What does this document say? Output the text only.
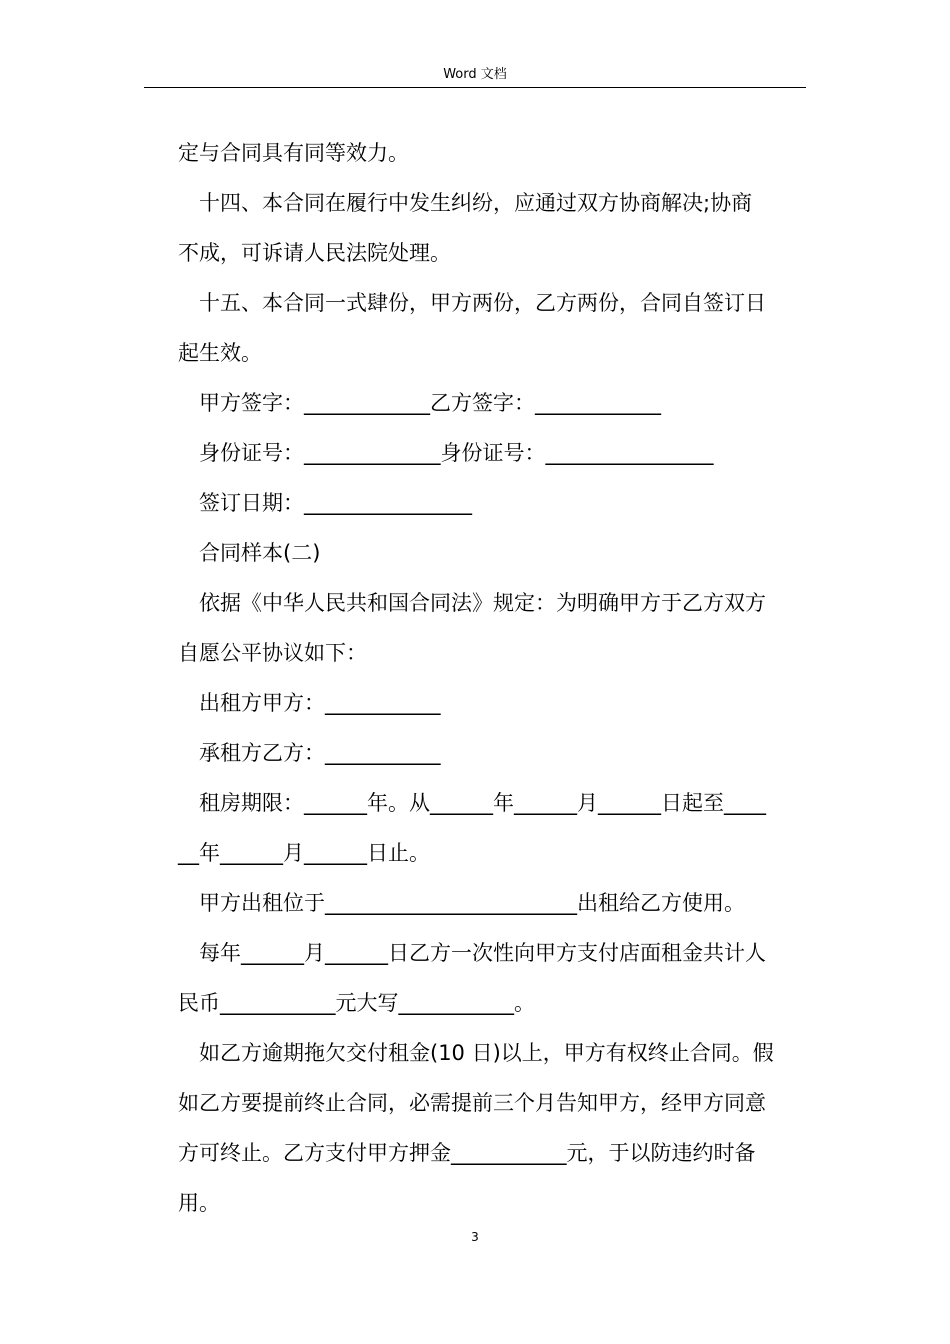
Word 文档

定与合同具有同等效力。

十四、本合同在履行中发生纠纷，应通过双方协商解决;协商

不成，可诉请人民法院处理。

十五、本合同一式肆份，甲方两份，乙方两份，合同自签订日

起生效。

甲方签字：____________乙方签字：____________

身份证号：_____________身份证号：________________

签订日期：________________

合同样本(二)

依据《中华人民共和国合同法》规定：为明确甲方于乙方双方

自愿公平协议如下：

出租方甲方：___________

承租方乙方：___________

租房期限：______年。从______年______月______日起至____

__年______月______日止。

甲方出租位于________________________出租给乙方使用。

每年______月______日乙方一次性向甲方支付店面租金共计人

民币___________元大写___________。

如乙方逾期拖欠交付租金(10 日)以上，甲方有权终止合同。假

如乙方要提前终止合同，必需提前三个月告知甲方，经甲方同意

方可终止。乙方支付甲方押金___________元，于以防违约时备

用。

3
